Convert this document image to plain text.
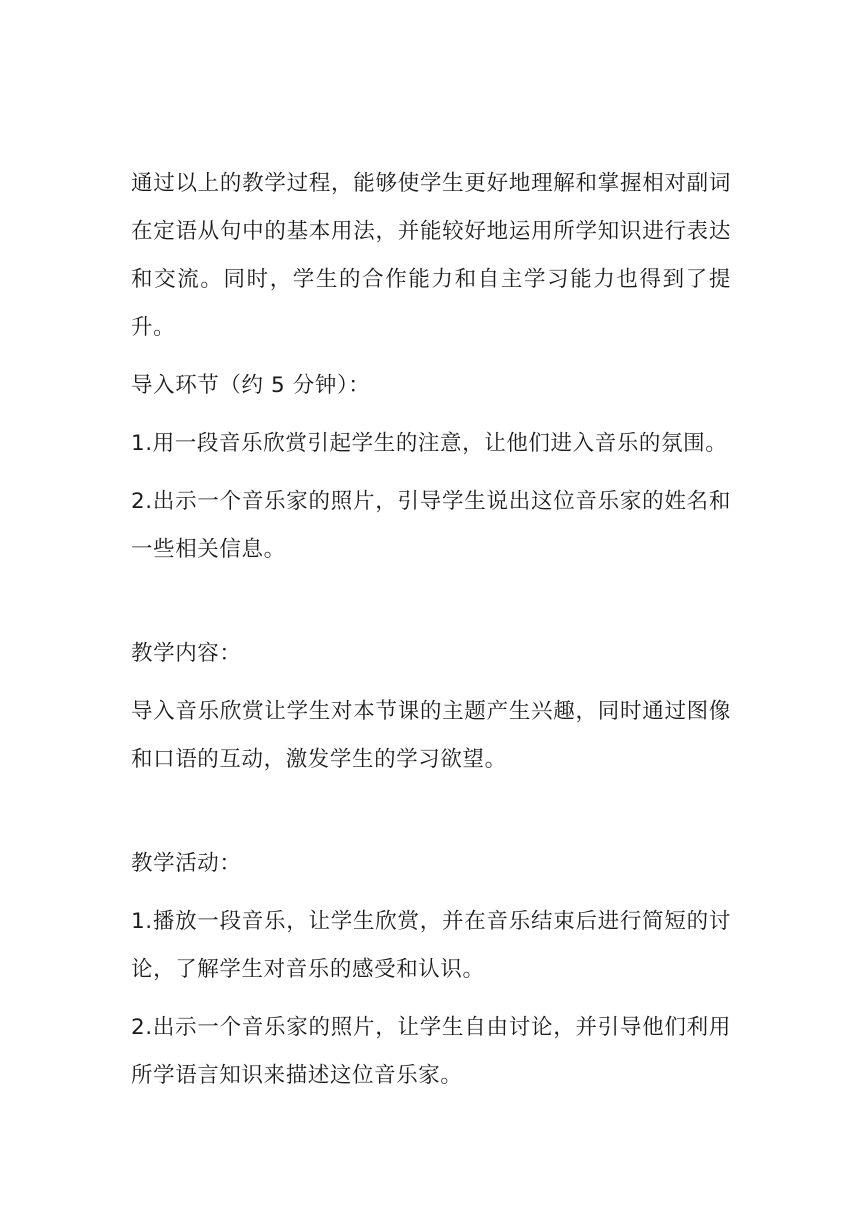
通过以上的教学过程，能够使学生更好地理解和掌握相对副词在定语从句中的基本用法，并能较好地运用所学知识进行表达和交流。同时，学生的合作能力和自主学习能力也得到了提升。

导入环节（约 5 分钟）：

1.用一段音乐欣赏引起学生的注意，让他们进入音乐的氛围。

2.出示一个音乐家的照片，引导学生说出这位音乐家的姓名和一些相关信息。

教学内容：

导入音乐欣赏让学生对本节课的主题产生兴趣，同时通过图像和口语的互动，激发学生的学习欲望。

教学活动：

1.播放一段音乐，让学生欣赏，并在音乐结束后进行简短的讨论，了解学生对音乐的感受和认识。

2.出示一个音乐家的照片，让学生自由讨论，并引导他们利用所学语言知识来描述这位音乐家。
